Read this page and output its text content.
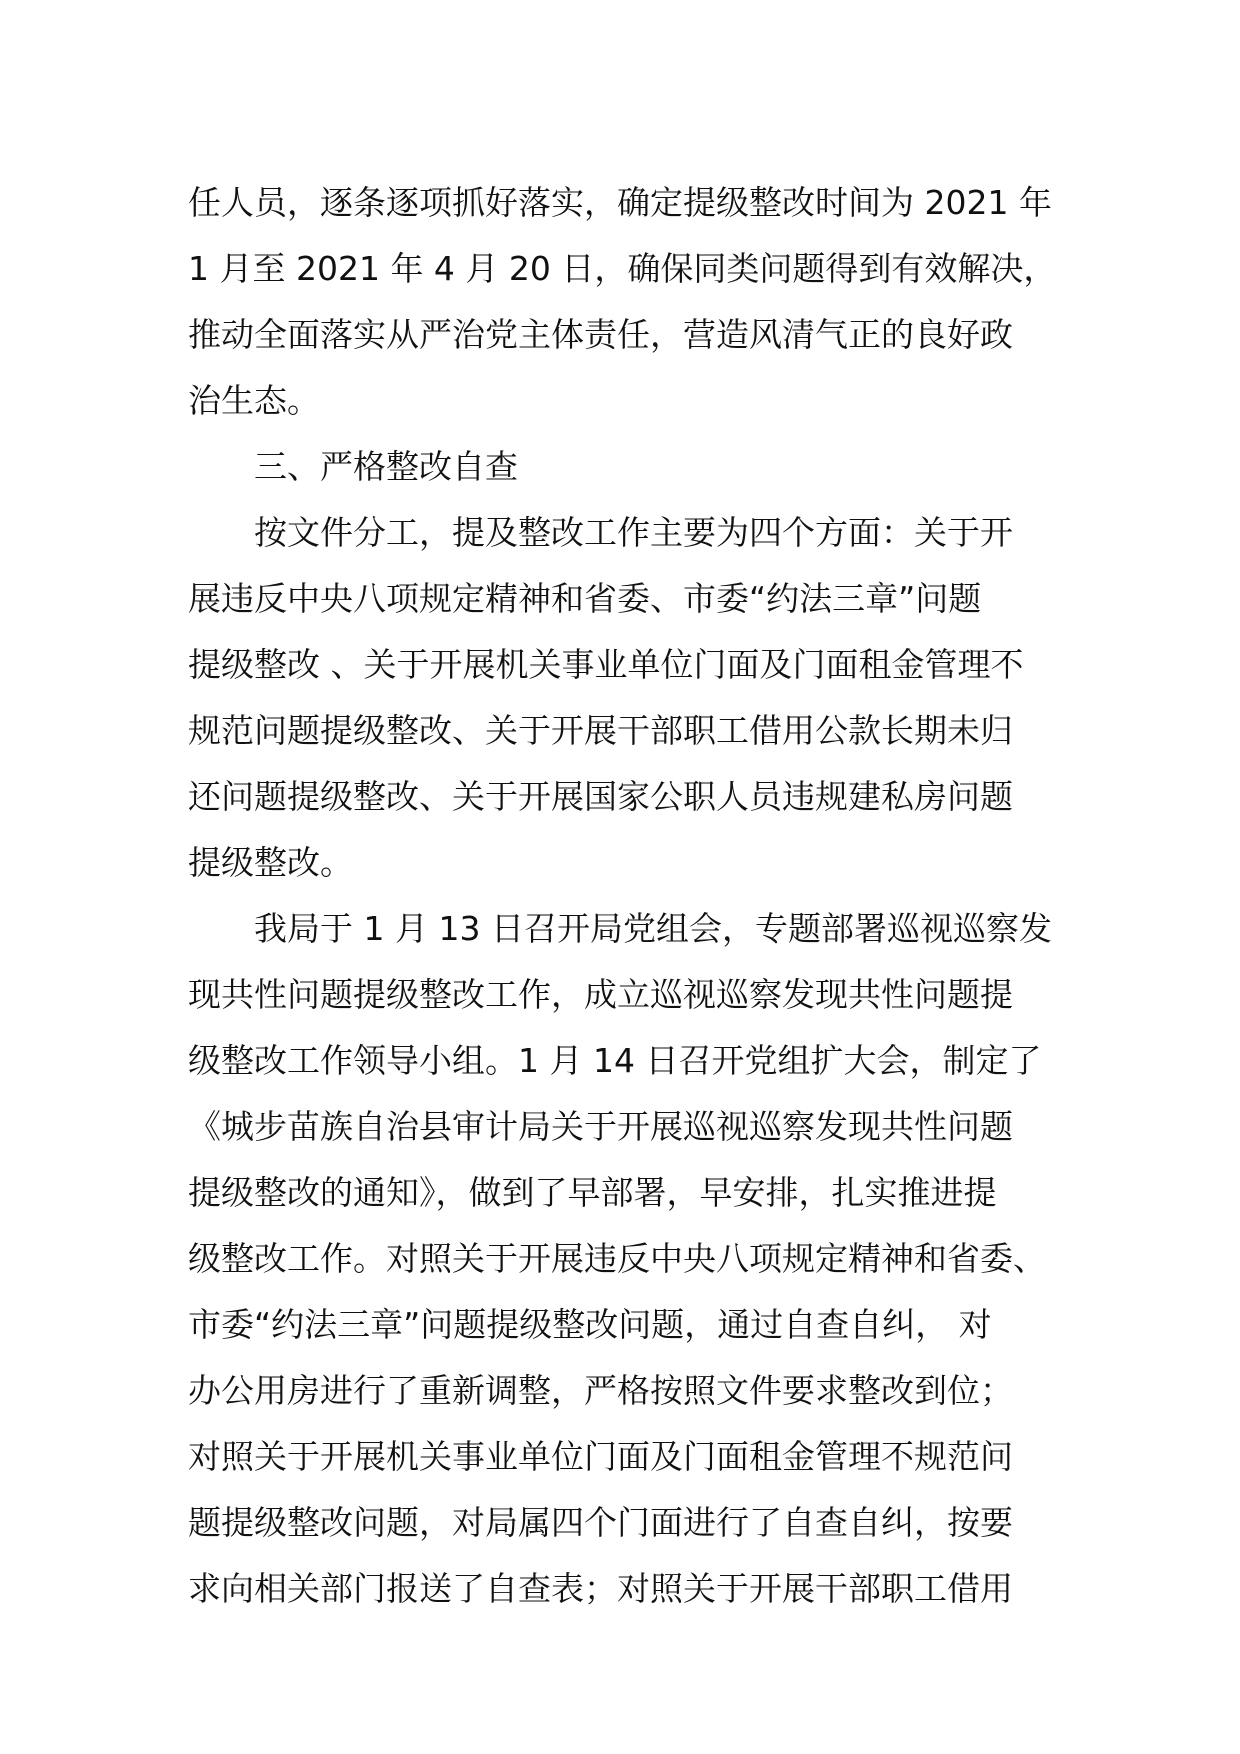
任人员，逐条逐项抓好落实，确定提级整改时间为 2021 年
1 月至 2021 年 4 月 20 日，确保同类问题得到有效解决，
推动全面落实从严治党主体责任，营造风清气正的良好政
治生态。
三、严格整改自查
按文件分工，提及整改工作主要为四个方面：关于开
展违反中央八项规定精神和省委、市委“约法三章”问题
提级整改 、关于开展机关事业单位门面及门面租金管理不
规范问题提级整改、关于开展干部职工借用公款长期未归
还问题提级整改、关于开展国家公职人员违规建私房问题
提级整改。
我局于 1 月 13 日召开局党组会，专题部署巡视巡察发
现共性问题提级整改工作，成立巡视巡察发现共性问题提
级整改工作领导小组。1 月 14 日召开党组扩大会，制定了
《城步苗族自治县审计局关于开展巡视巡察发现共性问题
提级整改的通知》，做到了早部署，早安排，扎实推进提
级整改工作。对照关于开展违反中央八项规定精神和省委、
市委“约法三章”问题提级整改问题，通过自查自纠， 对
办公用房进行了重新调整，严格按照文件要求整改到位；
对照关于开展机关事业单位门面及门面租金管理不规范问
题提级整改问题，对局属四个门面进行了自查自纠，按要
求向相关部门报送了自查表；对照关于开展干部职工借用
